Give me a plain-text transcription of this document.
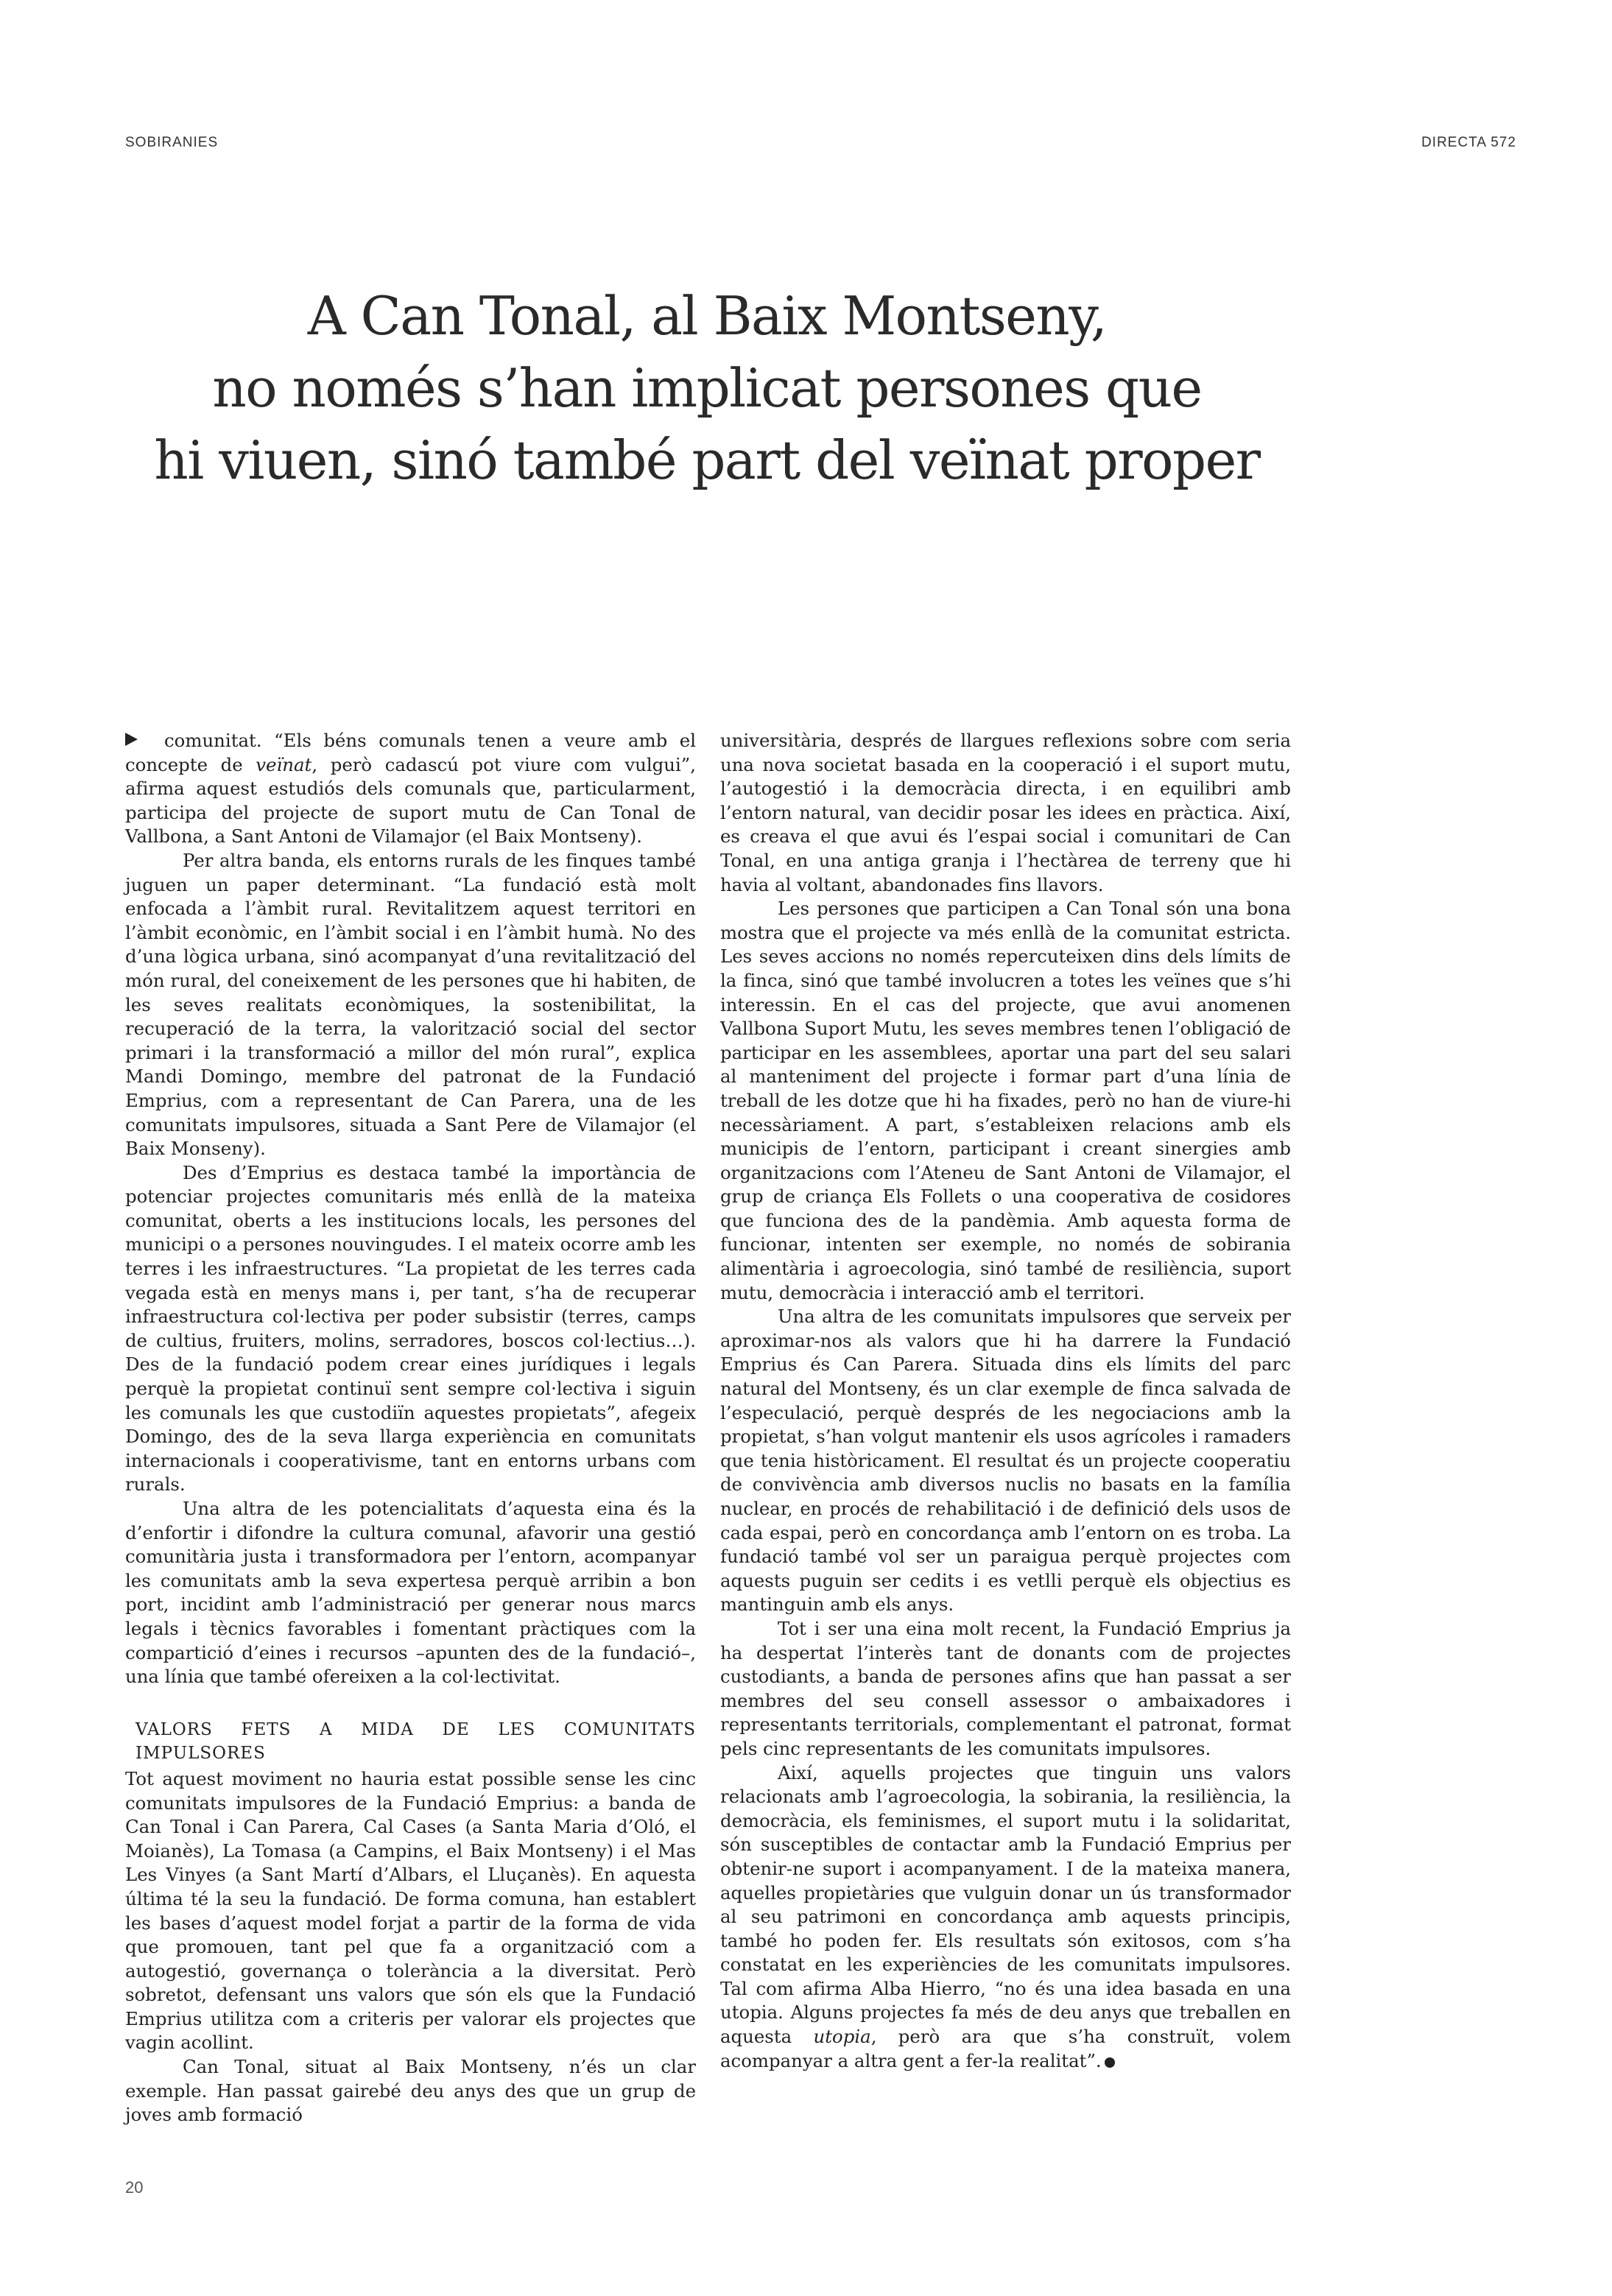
SOBIRANIES	DIRECTA 572
A Can Tonal, al Baix Montseny,
no només s’han implicat persones que
hi viuen, sinó també part del veïnat proper

comunitat. “Els béns comunals tenen a veure amb el concepte de veïnat, però cadascú pot viure com vulgui”, afirma aquest estudiós dels comunals que, particularment, participa del projecte de suport mutu de Can Tonal de Vallbona, a Sant Antoni de Vilamajor (el Baix Montseny).

Per altra banda, els entorns rurals de les finques també juguen un paper determinant. “La fundació està molt enfocada a l’àmbit rural. Revitalitzem aquest territori en l’àmbit econòmic, en l’àmbit social i en l’àmbit humà. No des d’una lògica urbana, sinó acompanyat d’una revitalització del món rural, del coneixement de les persones que hi habiten, de les seves realitats econòmiques, la sostenibilitat, la recuperació de la terra, la valorització social del sector primari i la transformació a millor del món rural”, explica Mandi Domingo, membre del patronat de la Fundació Emprius, com a representant de Can Parera, una de les comunitats impulsores, situada a Sant Pere de Vilamajor (el Baix Monseny).

Des d’Emprius es destaca també la importància de potenciar projectes comunitaris més enllà de la mateixa comunitat, oberts a les institucions locals, les persones del municipi o a persones nouvingudes. I el mateix ocorre amb les terres i les infraestructures. “La propietat de les terres cada vegada està en menys mans i, per tant, s’ha de recuperar infraestructura col·lectiva per poder subsistir (terres, camps de cultius, fruiters, molins, serradores, boscos col·lectius…). Des de la fundació podem crear eines jurídiques i legals perquè la propietat continuï sent sempre col·lectiva i siguin les comunals les que custodiïn aquestes propietats”, afegeix Domingo, des de la seva llarga experiència en comunitats internacionals i cooperativisme, tant en entorns urbans com rurals.

Una altra de les potencialitats d’aquesta eina és la d’enfortir i difondre la cultura comunal, afavorir una gestió comunitària justa i transformadora per l’entorn, acompanyar les comunitats amb la seva expertesa perquè arribin a bon port, incidint amb l’administració per generar nous marcs legals i tècnics favorables i fomentant pràctiques com la compartició d’eines i recursos –apunten des de la fundació–, una línia que també ofereixen a la col·lectivitat.

VALORS FETS A MIDA DE LES COMUNITATS IMPULSORES

Tot aquest moviment no hauria estat possible sense les cinc comunitats impulsores de la Fundació Emprius: a banda de Can Tonal i Can Parera, Cal Cases (a Santa Maria d’Oló, el Moianès), La Tomasa (a Campins, el Baix Montseny) i el Mas Les Vinyes (a Sant Martí d’Albars, el Lluçanès). En aquesta última té la seu la fundació. De forma comuna, han establert les bases d’aquest model forjat a partir de la forma de vida que promouen, tant pel que fa a organització com a autogestió, governança o tolerància a la diversitat. Però sobretot, defensant uns valors que són els que la Fundació Emprius utilitza com a criteris per valorar els projectes que vagin acollint.

Can Tonal, situat al Baix Montseny, n’és un clar exemple. Han passat gairebé deu anys des que un grup de joves amb formació

universitària, després de llargues reflexions sobre com seria una nova societat basada en la cooperació i el suport mutu, l’autogestió i la democràcia directa, i en equilibri amb l’entorn natural, van decidir posar les idees en pràctica. Així, es creava el que avui és l’espai social i comunitari de Can Tonal, en una antiga granja i l’hectàrea de terreny que hi havia al voltant, abandonades fins llavors.

Les persones que participen a Can Tonal són una bona mostra que el projecte va més enllà de la comunitat estricta. Les seves accions no només repercuteixen dins dels límits de la finca, sinó que també involucren a totes les veïnes que s’hi interessin. En el cas del projecte, que avui anomenen Vallbona Suport Mutu, les seves membres tenen l’obligació de participar en les assemblees, aportar una part del seu salari al manteniment del projecte i formar part d’una línia de treball de les dotze que hi ha fixades, però no han de viure-hi necessàriament. A part, s’estableixen relacions amb els municipis de l’entorn, participant i creant sinergies amb organitzacions com l’Ateneu de Sant Antoni de Vilamajor, el grup de criança Els Follets o una cooperativa de cosidores que funciona des de la pandèmia. Amb aquesta forma de funcionar, intenten ser exemple, no només de sobirania alimentària i agroecologia, sinó també de resiliència, suport mutu, democràcia i interacció amb el territori.

Una altra de les comunitats impulsores que serveix per aproximar-nos als valors que hi ha darrere la Fundació Emprius és Can Parera. Situada dins els límits del parc natural del Montseny, és un clar exemple de finca salvada de l’especulació, perquè després de les negociacions amb la propietat, s’han volgut mantenir els usos agrícoles i ramaders que tenia històricament. El resultat és un projecte cooperatiu de convivència amb diversos nuclis no basats en la família nuclear, en procés de rehabilitació i de definició dels usos de cada espai, però en concordança amb l’entorn on es troba. La fundació també vol ser un paraigua perquè projectes com aquests puguin ser cedits i es vetlli perquè els objectius es mantinguin amb els anys.

Tot i ser una eina molt recent, la Fundació Emprius ja ha despertat l’interès tant de donants com de projectes custodiants, a banda de persones afins que han passat a ser membres del seu consell assessor o ambaixadores i representants territorials, complementant el patronat, format pels cinc representants de les comunitats impulsores.

Així, aquells projectes que tinguin uns valors relacionats amb l’agroecologia, la sobirania, la resiliència, la democràcia, els feminismes, el suport mutu i la solidaritat, són susceptibles de contactar amb la Fundació Emprius per obtenir-ne suport i acompanyament. I de la mateixa manera, aquelles propietàries que vulguin donar un ús transformador al seu patrimoni en concordança amb aquests principis, també ho poden fer. Els resultats són exitosos, com s’ha constatat en les experiències de les comunitats impulsores. Tal com afirma Alba Hierro, “no és una idea basada en una utopia. Alguns projectes fa més de deu anys que treballen en aquesta utopia, però ara que s’ha construït, volem acompanyar a altra gent a fer-la realitat”.

20
